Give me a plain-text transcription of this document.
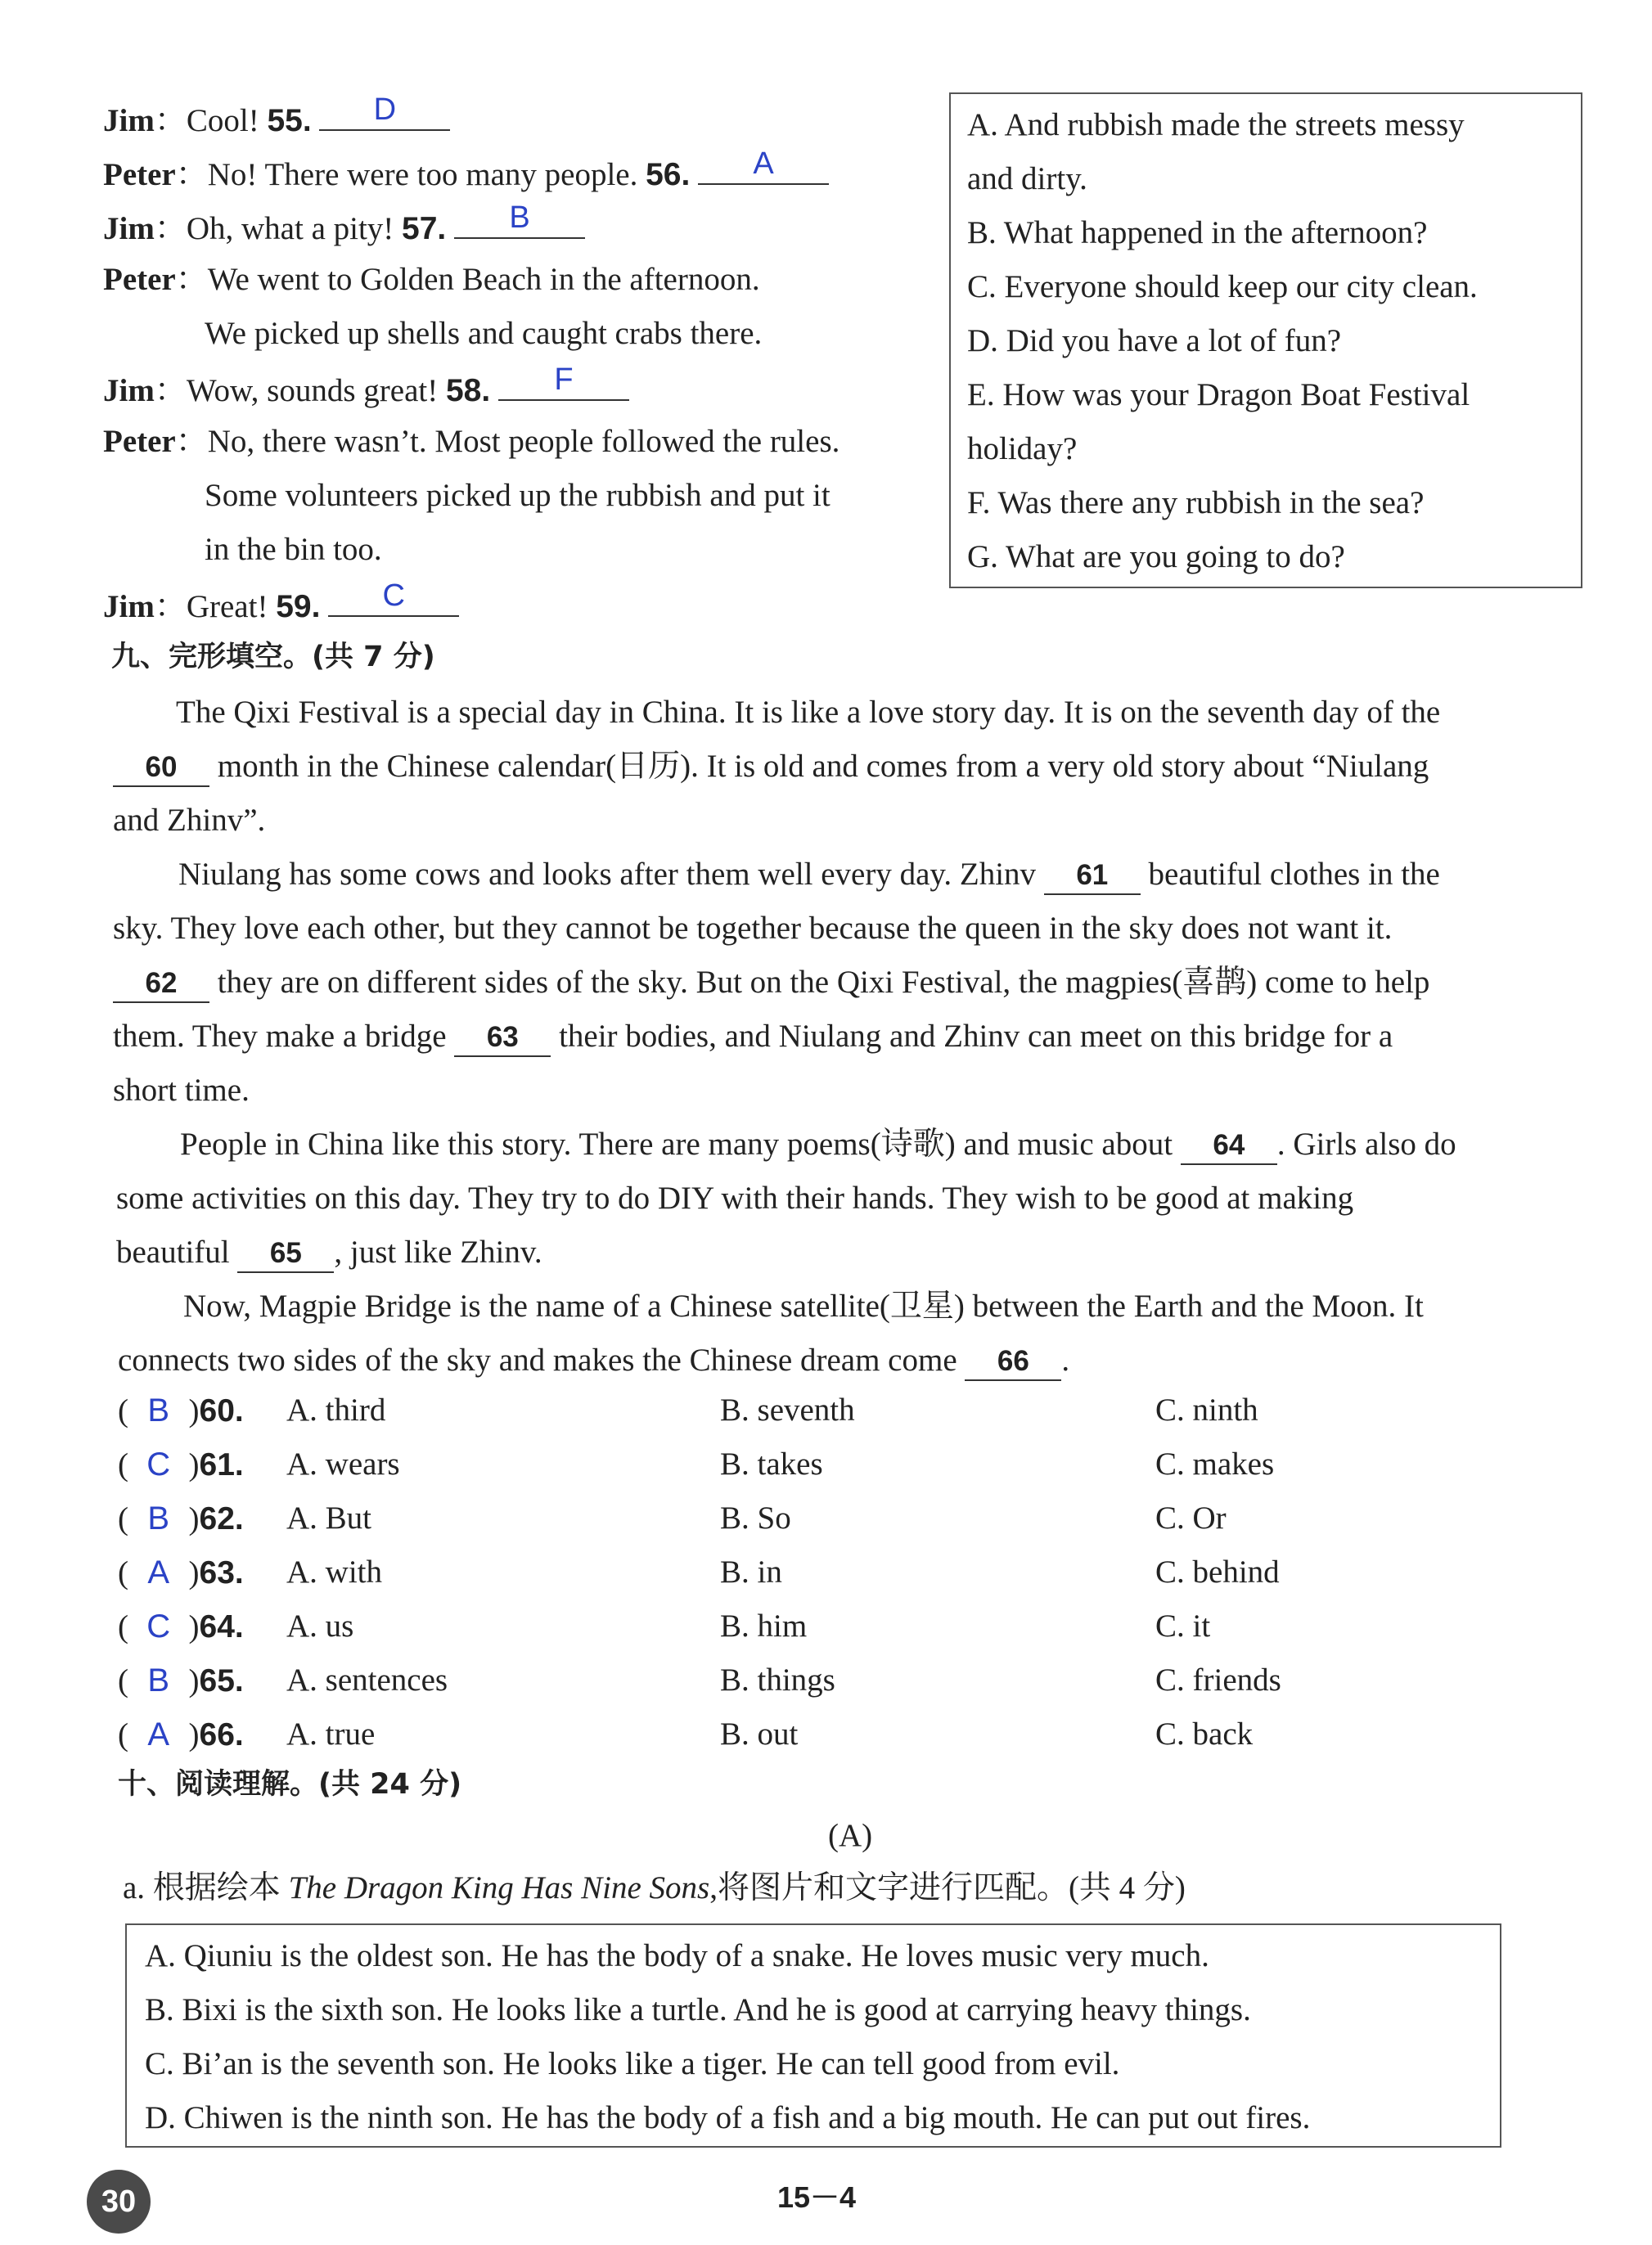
Jim：Cool! 55.	D
Peter：No! There were too many people. 56.	A
Jim：Oh, what a pity! 57.	B
Peter：We went to Golden Beach in the afternoon.
We picked up shells and caught crabs there.
Jim：Wow, sounds great! 58.	F
Peter：No, there wasn’t. Most people followed the rules.
Some volunteers picked up the rubbish and put it
in the bin too.
Jim：Great! 59.	C
A. And rubbish made the streets messy
and dirty.
B. What happened in the afternoon?
C. Everyone should keep our city clean.
D. Did you have a lot of fun?
E. How was your Dragon Boat Festival
holiday?
F. Was there any rubbish in the sea?
G. What are you going to do?
九、完形填空。(共 7 分)
The Qixi Festival is a special day in China. It is like a love story day. It is on the seventh day of the
60 month in the Chinese calendar(日历). It is old and comes from a very old story about “Niulang
and Zhinv”.
Niulang has some cows and looks after them well every day. Zhinv 61 beautiful clothes in the
sky. They love each other, but they cannot be together because the queen in the sky does not want it.
62 they are on different sides of the sky. But on the Qixi Festival, the magpies(喜鹊) come to help
them. They make a bridge 63 their bodies, and Niulang and Zhinv can meet on this bridge for a
short time.
People in China like this story. There are many poems(诗歌) and music about 64 . Girls also do
some activities on this day. They try to do DIY with their hands. They wish to be good at making
beautiful 65 , just like Zhinv.
Now, Magpie Bridge is the name of a Chinese satellite(卫星) between the Earth and the Moon. It
connects two sides of the sky and makes the Chinese dream come 66 .
( B )60. A. third	B. seventh	C. ninth
( C )61. A. wears	B. takes	C. makes
( B )62. A. But	B. So	C. Or
( A )63. A. with	B. in	C. behind
( C )64. A. us	B. him	C. it
( B )65. A. sentences	B. things	C. friends
( A )66. A. true	B. out	C. back
十、阅读理解。(共 24 分)
(A)
a. 根据绘本 The Dragon King Has Nine Sons,将图片和文字进行匹配。(共 4 分)
A. Qiuniu is the oldest son. He has the body of a snake. He loves music very much.
B. Bixi is the sixth son. He looks like a turtle. And he is good at carrying heavy things.
C. Bi’an is the seventh son. He looks like a tiger. He can tell good from evil.
D. Chiwen is the ninth son. He has the body of a fish and a big mouth. He can put out fires.
30	15－4
